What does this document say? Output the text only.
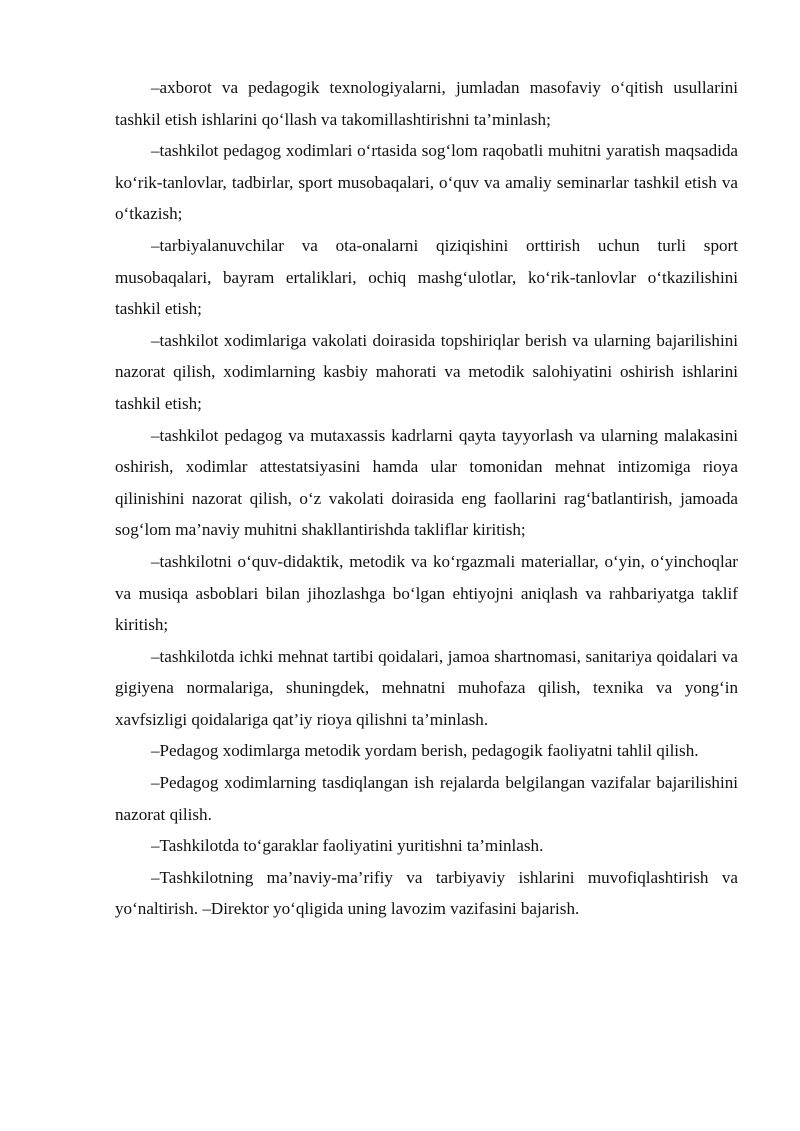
–axborot va pedagogik texnologiyalarni, jumladan masofaviy o‘qitish usullarini tashkil etish ishlarini qo‘llash va takomillashtirishni ta’minlash;

–tashkilot pedagog xodimlari o‘rtasida sog‘lom raqobatli muhitni yaratish maqsadida ko‘rik-tanlovlar, tadbirlar, sport musobaqalari, o‘quv va amaliy seminarlar tashkil etish va o‘tkazish;

–tarbiyalanuvchilar va ota-onalarni qiziqishini orttirish uchun turli sport musobaqalari, bayram ertaliklari, ochiq mashg‘ulotlar, ko‘rik-tanlovlar o‘tkazilishini tashkil etish;

–tashkilot xodimlariga vakolati doirasida topshiriqlar berish va ularning bajarilishini nazorat qilish, xodimlarning kasbiy mahorati va metodik salohiyatini oshirish ishlarini tashkil etish;

–tashkilot pedagog va mutaxassis kadrlarni qayta tayyorlash va ularning malakasini oshirish, xodimlar attestatsiyasini hamda ular tomonidan mehnat intizomiga rioya qilinishini nazorat qilish, o‘z vakolati doirasida eng faollarini rag‘batlantirish, jamoada sog‘lom ma’naviy muhitni shakllantirishda takliflar kiritish;

–tashkilotni o‘quv-didaktik, metodik va ko‘rgazmali materiallar, o‘yin, o‘yinchoqlar va musiqa asboblari bilan jihozlashga bo‘lgan ehtiyojni aniqlash va rahbariyatga taklif kiritish;

–tashkilotda ichki mehnat tartibi qoidalari, jamoa shartnomasi, sanitariya qoidalari va gigiyena normalariga, shuningdek, mehnatni muhofaza qilish, texnika va yong‘in xavfsizligi qoidalariga qat’iy rioya qilishni ta’minlash.

–Pedagog xodimlarga metodik yordam berish, pedagogik faoliyatni tahlil qilish.

–Pedagog xodimlarning tasdiqlangan ish rejalarda belgilangan vazifalar bajarilishini nazorat qilish.

–Tashkilotda to‘garaklar faoliyatini yuritishni ta’minlash.

–Tashkilotning ma’naviy-ma’rifiy va tarbiyaviy ishlarini muvofiqlashtirish va yo‘naltirish. –Direktor yo‘qligida uning lavozim vazifasini bajarish.
